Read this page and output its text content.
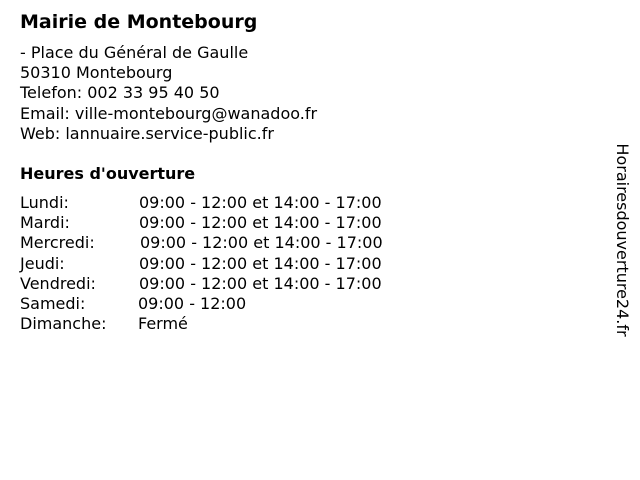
Mairie de Montebourg
- Place du Général de Gaulle
50310 Montebourg
Telefon: 002 33 95 40 50
Email: ville-montebourg@wanadoo.fr
Web: lannuaire.service-public.fr
Heures d'ouverture
Lundi:	09:00 - 12:00 et 14:00 - 17:00
Mardi:	09:00 - 12:00 et 14:00 - 17:00
Mercredi:	09:00 - 12:00 et 14:00 - 17:00
Jeudi:	09:00 - 12:00 et 14:00 - 17:00
Vendredi:	09:00 - 12:00 et 14:00 - 17:00
Samedi:	09:00 - 12:00
Dimanche: Fermé	Horairesdouverture24.fr
